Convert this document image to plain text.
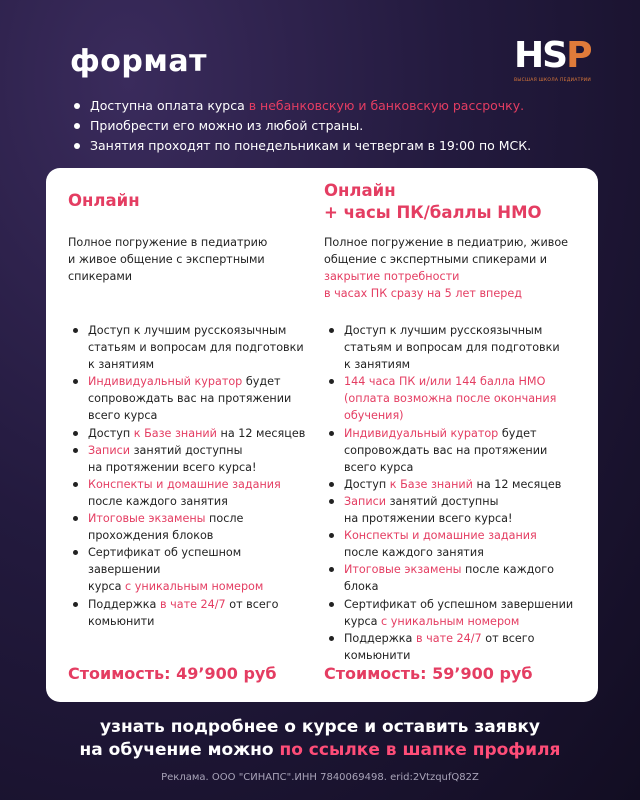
формат	HSP
ВЫСШАЯ ШКОЛА ПЕДИАТРИИ
Доступна оплата курса в небанковскую и банковскую рассрочку.
Приобрести его можно из любой страны.
Занятия проходят по понедельникам и четвергам в 19:00 по МСК.
Онлайн
Полное погружение в педиатрию
и живое общение с экспертными
спикерами
Доступ к лучшим русскоязычным
статьям и вопросам для подготовки
к занятиям
Индивидуальный куратор будет
сопровождать вас на протяжении
всего курса
Доступ к Базе знаний на 12 месяцев
Записи занятий доступны
на протяжении всего курса!
Конспекты и домашние задания
после каждого занятия
Итоговые экзамены после
прохождения блоков
Сертификат об успешном завершении
курса с уникальным номером
Поддержка в чате 24/7 от всего
комьюнити
Стоимость: 49’900 руб
Онлайн
+ часы ПК/баллы НМО
Полное погружение в педиатрию, живое
общение с экспертными спикерами и
закрытие потребности
в часах ПК сразу на 5 лет вперед
Доступ к лучшим русскоязычным
статьям и вопросам для подготовки
к занятиям
144 часа ПК и/или 144 балла НМО
(оплата возможна после окончания
обучения)
Индивидуальный куратор будет
сопровождать вас на протяжении
всего курса
Доступ к Базе знаний на 12 месяцев
Записи занятий доступны
на протяжении всего курса!
Конспекты и домашние задания
после каждого занятия
Итоговые экзамены после каждого
блока
Сертификат об успешном завершении
курса с уникальным номером
Поддержка в чате 24/7 от всего
комьюнити
Стоимость: 59’900 руб
узнать подробнее о курсе и оставить заявку
на обучение можно по ссылке в шапке профиля
Реклама. ООО "СИНАПС".ИНН 7840069498. erid:2VtzqufQ82Z
